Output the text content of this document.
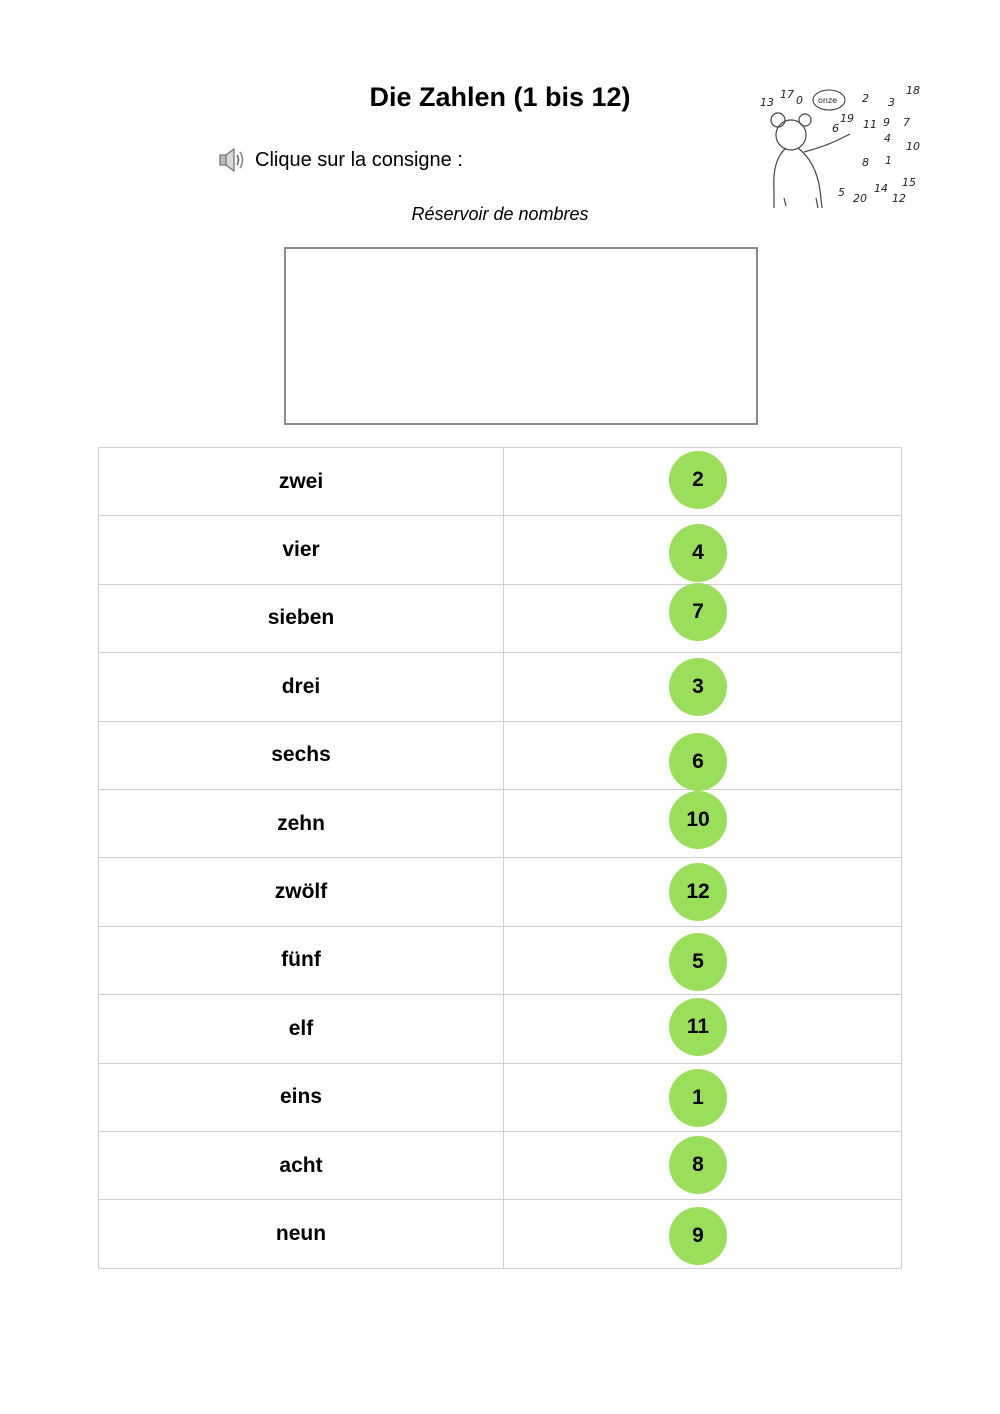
Die Zahlen (1 bis 12)
Clique sur la consigne :
13
17 0	2 3
18
7
9
11
4
10
6
19
1
8
5 20
14 15
12
onze
Réservoir de nombres
zwei	2
vier	4
sieben	7
drei	3
sechs	6
zehn	10
zwölf	12
fünf	5
elf	11
eins	1
acht	8
neun	9
